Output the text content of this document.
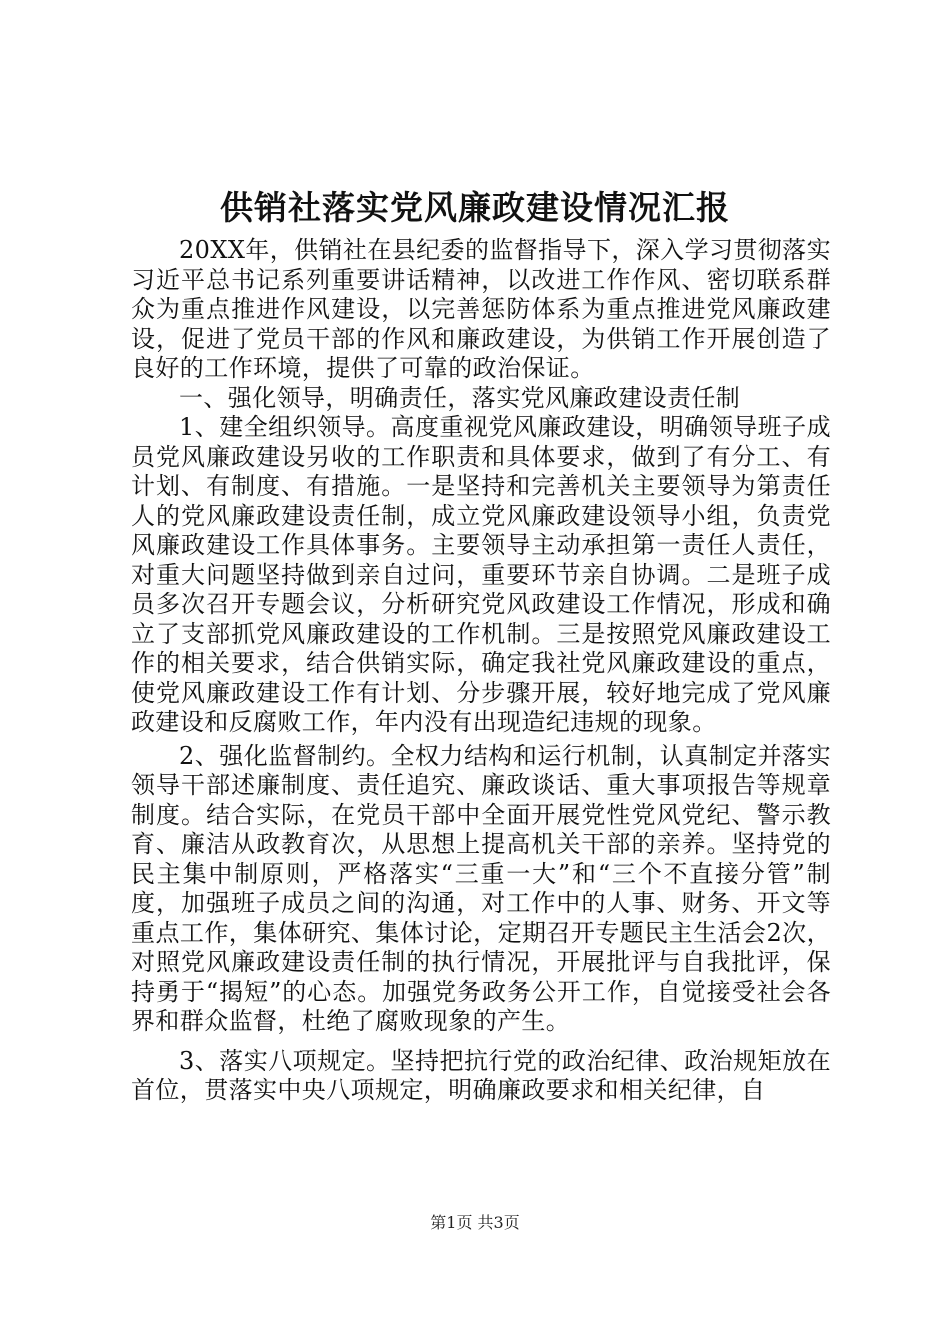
供销社落实党风廉政建设情况汇报

20XX年，供销社在县纪委的监督指导下，深入学习贯彻落实习近平总书记系列重要讲话精神，以改进工作作风、密切联系群众为重点推进作风建设，以完善惩防体系为重点推进党风廉政建设，促进了党员干部的作风和廉政建设，为供销工作开展创造了良好的工作环境，提供了可靠的政治保证。

一、强化领导，明确责任，落实党风廉政建设责任制

1、建全组织领导。高度重视党风廉政建设，明确领导班子成员党风廉政建设另收的工作职责和具体要求，做到了有分工、有计划、有制度、有措施。一是坚持和完善机关主要领导为第责任人的党风廉政建设责任制，成立党风廉政建设领导小组，负责党风廉政建设工作具体事务。主要领导主动承担第一责任人责任，对重大问题坚持做到亲自过问，重要环节亲自协调。二是班子成员多次召开专题会议，分析研究党风政建设工作情况，形成和确立了支部抓党风廉政建设的工作机制。三是按照党风廉政建设工作的相关要求，结合供销实际，确定我社党风廉政建设的重点，使党风廉政建设工作有计划、分步骤开展，较好地完成了党风廉政建设和反腐败工作，年内没有出现造纪违规的现象。

2、强化监督制约。全权力结构和运行机制，认真制定并落实领导干部述廉制度、责任追究、廉政谈话、重大事项报告等规章制度。结合实际，在党员干部中全面开展党性党风党纪、警示教育、廉洁从政教育次，从思想上提高机关干部的亲养。坚持党的民主集中制原则，严格落实“三重一大”和“三个不直接分管”制度，加强班子成员之间的沟通，对工作中的人事、财务、开文等重点工作，集体研究、集体讨论，定期召开专题民主生活会2次，对照党风廉政建设责任制的执行情况，开展批评与自我批评，保持勇于“揭短”的心态。加强党务政务公开工作，自觉接受社会各界和群众监督，杜绝了腐败现象的产生。

3、落实八项规定。坚持把抗行党的政治纪律、政治规矩放在首位，贯落实中央八项规定，明确廉政要求和相关纪律，自

第1页 共3页
